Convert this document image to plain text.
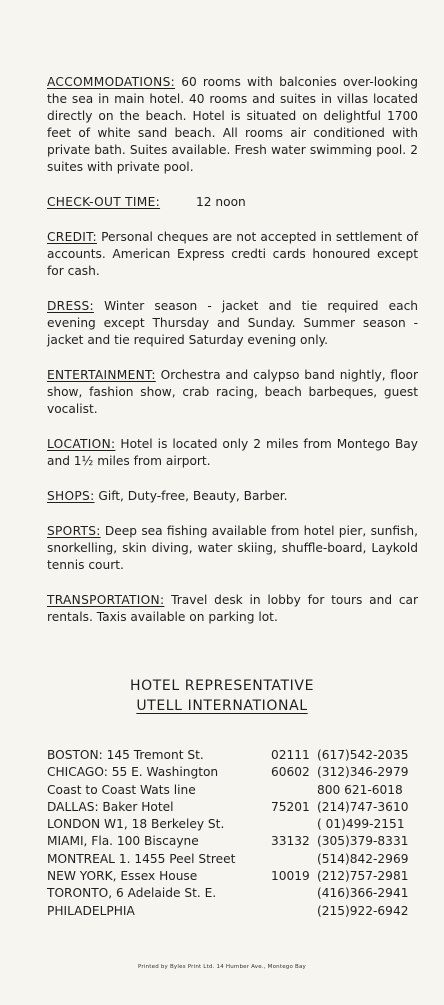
ACCOMMODATIONS: 60 rooms with balconies over-looking the sea in main hotel. 40 rooms and suites in villas located directly on the beach. Hotel is situated on delightful 1700 feet of white sand beach. All rooms air conditioned with private bath. Suites available. Fresh water swimming pool. 2 suites with private pool.
CHECK-OUT TIME:	12 noon
CREDIT: Personal cheques are not accepted in settlement of accounts. American Express credti cards honoured except for cash.
DRESS: Winter season - jacket and tie required each evening except Thursday and Sunday. Summer season - jacket and tie required Saturday evening only.
ENTERTAINMENT: Orchestra and calypso band nightly, floor show, fashion show, crab racing, beach barbeques, guest vocalist.
LOCATION: Hotel is located only 2 miles from Montego Bay and 1½ miles from airport.
SHOPS: Gift, Duty-free, Beauty, Barber.
SPORTS: Deep sea fishing available from hotel pier, sunfish, snorkelling, skin diving, water skiing, shuffle-board, Laykold tennis court.
TRANSPORTATION: Travel desk in lobby for tours and car rentals. Taxis available on parking lot.
HOTEL REPRESENTATIVE
UTELL INTERNATIONAL
BOSTON: 145 Tremont St.	02111 (617)542-2035
CHICAGO: 55 E. Washington	60602 (312)346-2979
Coast to Coast Wats line	800 621-6018
DALLAS: Baker Hotel	75201 (214)747-3610
LONDON W1, 18 Berkeley St.	( 01)499-2151
MIAMI, Fla. 100 Biscayne	33132 (305)379-8331
MONTREAL 1. 1455 Peel Street	(514)842-2969
NEW YORK, Essex House	10019 (212)757-2981
TORONTO, 6 Adelaide St. E.	(416)366-2941
PHILADELPHIA	(215)922-6942
Printed by Byles Print Ltd. 14 Humber Ave., Montego Bay
